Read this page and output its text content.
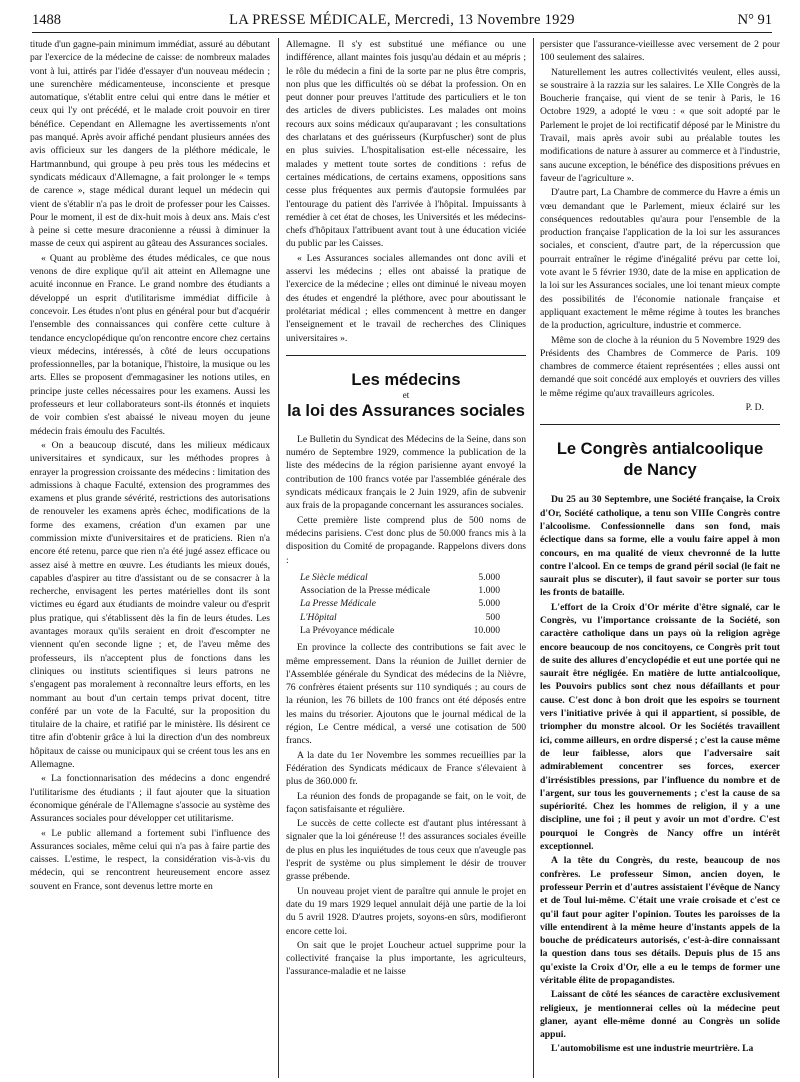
1488	LA PRESSE MÉDICALE, Mercredi, 13 Novembre 1929	N° 91

titude d'un gagne-pain minimum immédiat, assuré au débutant par l'exercice de la médecine de caisse: de nombreux malades vont à lui, attirés par l'idée d'essayer d'un nouveau médecin ; une surenchère médicamenteuse, inconsciente et presque automatique, s'établit entre celui qui entre dans le métier et ceux qui l'y ont précédé, et le malade croit pouvoir en tirer bénéfice. Cependant en Allemagne les avertissements n'ont pas manqué. Après avoir affiché pendant plusieurs années des avis officieux sur les dangers de la pléthore médicale, le Hartmannbund, qui groupe à peu près tous les médecins et syndicats médicaux d'Allemagne, a fait prolonger le « temps de carence », stage médical durant lequel un médecin qui vient de s'établir n'a pas le droit de professer pour les Caisses. Pour le moment, il est de dix-huit mois à deux ans. Mais c'est à peine si cette mesure draconienne a réussi à diminuer la masse de ceux qui aspirent au gâteau des Assurances sociales.

« Quant au problème des études médicales, ce que nous venons de dire explique qu'il ait atteint en Allemagne une acuité inconnue en France. Le grand nombre des étudiants a développé un esprit d'utilitarisme immédiat difficile à concevoir. Les études n'ont plus en général pour but d'acquérir l'ensemble des connaissances qui confère cette culture à tendance encyclopédique qu'on rencontre encore chez certains vieux médecins, intéressés, à côté de leurs occupations professionnelles, par la botanique, l'histoire, la musique ou les arts. Elles se proposent d'emmagasiner les notions utiles, en principe juste celles nécessaires pour les examens. Aussi les professeurs et leur collaborateurs sont-ils étonnés et inquiets de voir combien s'est abaissé le niveau moyen du jeune médecin frais émoulu des Facultés.

« On a beaucoup discuté, dans les milieux médicaux universitaires et syndicaux, sur les méthodes propres à enrayer la progression croissante des médecins : limitation des admissions à chaque Faculté, extension des programmes des examens et plus grande sévérité, restrictions des autorisations de renouveler les examens après échec, modifications de la forme des examens, création d'un examen par une commission mixte d'universitaires et de praticiens. Rien n'a encore été retenu, parce que rien n'a été jugé assez efficace ou assez aisé à mettre en œuvre. Les étudiants les mieux doués, capables d'aspirer au titre d'assistant ou de se consacrer à la recherche, envisagent les pertes matérielles dont ils sont victimes eu égard aux étudiants de moindre valeur ou d'esprit plus pratique, qui s'établissent dès la fin de leurs études. Les avantages moraux qu'ils seraient en droit d'escompter ne viennent qu'en seconde ligne ; et, de l'aveu même des professeurs, ils n'acceptent plus de fonctions dans les cliniques ou instituts scientifiques si leurs patrons ne s'engagent pas moralement à reconnaître leurs efforts, en les nommant au bout d'un certain temps privat docent, titre conféré par un vote de la Faculté, sur la proposition du titulaire de la chaire, et ratifié par le ministère. Ils désirent ce titre afin d'obtenir grâce à lui la direction d'un des nombreux hôpitaux de caisse ou municipaux qui se créent tous les ans en Allemagne.

« La fonctionnarisation des médecins a donc engendré l'utilitarisme des étudiants ; il faut ajouter que la situation économique générale de l'Allemagne s'associe au système des Assurances sociales pour développer cet utilitarisme.

« Le public allemand a fortement subi l'influence des Assurances sociales, même celui qui n'a pas à faire partie des caisses. L'estime, le respect, la considération vis-à-vis du médecin, qui se rencontrent heureusement encore assez souvent en France, sont devenus lettre morte en

Allemagne. Il s'y est substitué une méfiance ou une indifférence, allant maintes fois jusqu'au dédain et au mépris ; le rôle du médecin a fini de la sorte par ne plus être compris, non plus que les difficultés où se débat la profession. On en peut donner pour preuves l'attitude des particuliers et le ton des articles de divers publicistes. Les malades ont moins recours aux soins médicaux qu'auparavant ; les consultations des charlatans et des guérisseurs (Kurpfuscher) sont de plus en plus suivies. L'hospitalisation est-elle nécessaire, les malades y mettent toute sortes de conditions : refus de certaines médications, de certains examens, oppositions sans cesse plus fréquentes aux permis d'autopsie formulées par l'entourage du patient dès l'arrivée à l'hôpital. Impuissants à remédier à cet état de choses, les Universités et les médecins-chefs d'hôpitaux l'attribuent avant tout à une éducation viciée du public par les Caisses.

« Les Assurances sociales allemandes ont donc avili et asservi les médecins ; elles ont abaissé la pratique de l'exercice de la médecine ; elles ont diminué le niveau moyen des études et engendré la pléthore, avec pour aboutissant le prolétariat médical ; elles commencent à mettre en danger l'enseignement et le travail de recherches des Cliniques universitaires ».

Les médecins
et
la loi des Assurances sociales

Le Bulletin du Syndicat des Médecins de la Seine, dans son numéro de Septembre 1929, commence la publication de la liste des médecins de la région parisienne ayant envoyé la contribution de 100 francs votée par l'assemblée générale des syndicats médicaux français le 2 Juin 1929, afin de subvenir aux frais de la propagande concernant les assurances sociales.

Cette première liste comprend plus de 500 noms de médecins parisiens. C'est donc plus de 50.000 francs mis à la disposition du Comité de propagande. Rappelons divers dons :

Le Siècle médical	5.000
Association de la Presse médicale	1.000
La Presse Médicale	5.000
L'Hôpital	500
La Prévoyance médicale	10.000

En province la collecte des contributions se fait avec le même empressement. Dans la réunion de Juillet dernier de l'Assemblée générale du Syndicat des médecins de la Nièvre, 76 confrères étaient présents sur 110 syndiqués ; au cours de la réunion, les 76 billets de 100 francs ont été déposés entre les mains du trésorier. Ajoutons que le journal médical de la région, Le Centre médical, a versé une cotisation de 500 francs.

A la date du 1er Novembre les sommes recueillies par la Fédération des Syndicats médicaux de France s'élevaient à plus de 360.000 fr.

La réunion des fonds de propagande se fait, on le voit, de façon satisfaisante et régulière.

Le succès de cette collecte est d'autant plus intéressant à signaler que la loi généreuse !! des assurances sociales éveille de plus en plus les inquiétudes de tous ceux que n'aveugle pas l'esprit de système ou plus simplement le désir de trouver grasse prébende.

Un nouveau projet vient de paraître qui annule le projet en date du 19 mars 1929 lequel annulait déjà une partie de la loi du 5 avril 1928. D'autres projets, soyons-en sûrs, modifieront encore cette loi.

On sait que le projet Loucheur actuel supprime pour la collectivité française la plus importante, les agriculteurs, l'assurance-maladie et ne laisse

persister que l'assurance-vieillesse avec versement de 2 pour 100 seulement des salaires.

Naturellement les autres collectivités veulent, elles aussi, se soustraire à la razzia sur les salaires. Le XIIe Congrès de la Boucherie française, qui vient de se tenir à Paris, le 16 Octobre 1929, a adopté le vœu : « que soit adopté par le Parlement le projet de loi rectificatif déposé par le Ministre du Travail, mais après avoir subi au préalable toutes les modifications de nature à assurer au commerce et à l'industrie, sans aucune exception, le bénéfice des dispositions prévues en faveur de l'agriculture ».

D'autre part, La Chambre de commerce du Havre a émis un vœu demandant que le Parlement, mieux éclairé sur les conséquences redoutables qu'aura pour l'ensemble de la production française l'application de la loi sur les assurances sociales, et conscient, d'autre part, de la répercussion que pourrait entraîner le régime d'inégalité prévu par cette loi, vote avant le 5 février 1930, date de la mise en application de la loi sur les Assurances sociales, une loi tenant mieux compte des possibilités de l'économie nationale française et appliquant exactement le même régime à toutes les branches de la production, agriculture, industrie et commerce.

Même son de cloche à la réunion du 5 Novembre 1929 des Présidents des Chambres de Commerce de Paris. 109 chambres de commerce étaient représentées ; elles aussi ont demandé que soit concédé aux employés et ouvriers des villes le même régime qu'aux travailleurs agricoles.

P. D.

Le Congrès antialcoolique
de Nancy

Du 25 au 30 Septembre, une Société française, la Croix d'Or, Société catholique, a tenu son VIIIe Congrès contre l'alcoolisme. Confessionnelle dans son fond, mais éclectique dans sa forme, elle a voulu faire appel à mon concours, en ma qualité de vieux chevronné de la lutte contre l'alcool. En ce temps de grand péril social (le fait ne saurait plus se discuter), il faut savoir se porter sur tous les fronts de bataille.

L'effort de la Croix d'Or mérite d'être signalé, car le Congrès, vu l'importance croissante de la Société, son caractère catholique dans un pays où la religion agrège encore beaucoup de nos concitoyens, ce Congrès prit tout de suite des allures d'encyclopédie et eut une portée qui ne saurait être négligée. En matière de lutte antialcoolique, les Pouvoirs publics sont chez nous défaillants et pour cause. C'est donc à bon droit que les espoirs se tournent vers l'initiative privée à qui il appartient, si possible, de triompher du monstre alcool. Or les Sociétés travaillent ici, comme ailleurs, en ordre dispersé ; c'est la cause même de leur faiblesse, alors que l'adversaire sait admirablement concentrer ses forces, exercer d'irrésistibles pressions, par l'influence du nombre et de l'argent, sur tous les gouvernements ; c'est la cause de sa supériorité. Chez les hommes de religion, il y a une discipline, une foi ; il peut y avoir un mot d'ordre. C'est pourquoi le Congrès de Nancy offre un intérêt exceptionnel.

A la tête du Congrès, du reste, beaucoup de nos confrères. Le professeur Simon, ancien doyen, le professeur Perrin et d'autres assistaient l'évêque de Nancy et de Toul lui-même. C'était une vraie croisade et c'est ce qu'il faut pour agiter l'opinion. Toutes les paroisses de la ville entendirent à la même heure d'instants appels de la bouche de prédicateurs autorisés, c'est-à-dire connaissant la question dans tous ses détails. Depuis plus de 15 ans qu'existe la Croix d'Or, elle a eu le temps de former une véritable élite de propagandistes.

Laissant de côté les séances de caractère exclusivement religieux, je mentionnerai celles où la médecine peut glaner, ayant elle-même donné au Congrès un solide appui.

L'automobilisme est une industrie meurtrière. La
